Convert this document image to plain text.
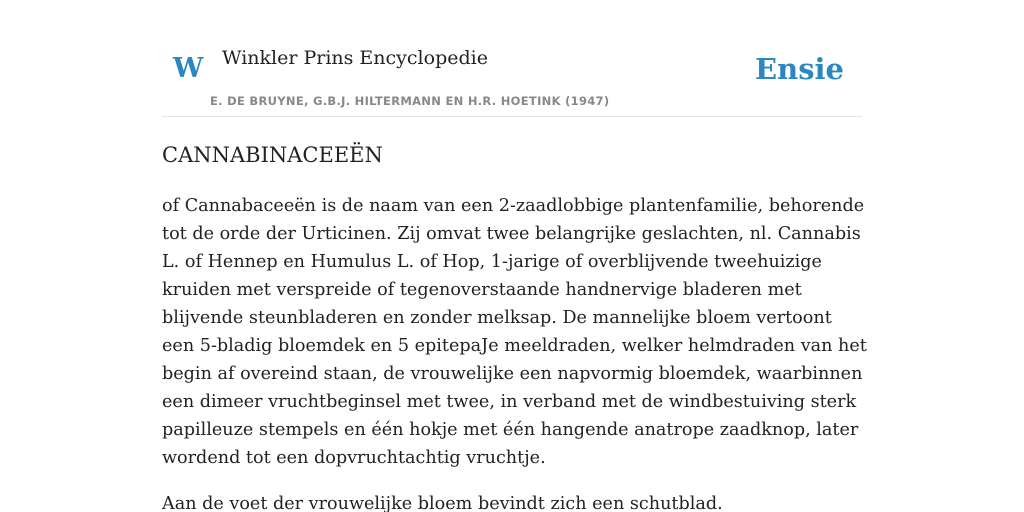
W Winkler Prins Encyclopedie
E. DE BRUYNE, G.B.J. HILTERMANN EN H.R. HOETINK (1947)
Ensie
CANNABINACEEËN

of Cannabaceeën is de naam van een 2-zaadlobbige plantenfamilie, behorende tot de orde der Urticinen. Zij omvat twee belangrijke geslachten, nl. Cannabis L. of Hennep en Humulus L. of Hop, 1-jarige of overblijvende tweehuizige kruiden met verspreide of tegenoverstaande handnervige bladeren met blijvende steunbladeren en zonder melksap. De mannelijke bloem vertoont een 5-bladig bloemdek en 5 epitepaJe meeldraden, welker helmdraden van het begin af overeind staan, de vrouwelijke een napvormig bloemdek, waarbinnen een dimeer vruchtbeginsel met twee, in verband met de windbestuiving sterk papilleuze stempels en één hokje met één hangende anatrope zaadknop, later wordend tot een dopvruchtachtig vruchtje.

Aan de voet der vrouwelijke bloem bevindt zich een schutblad.
